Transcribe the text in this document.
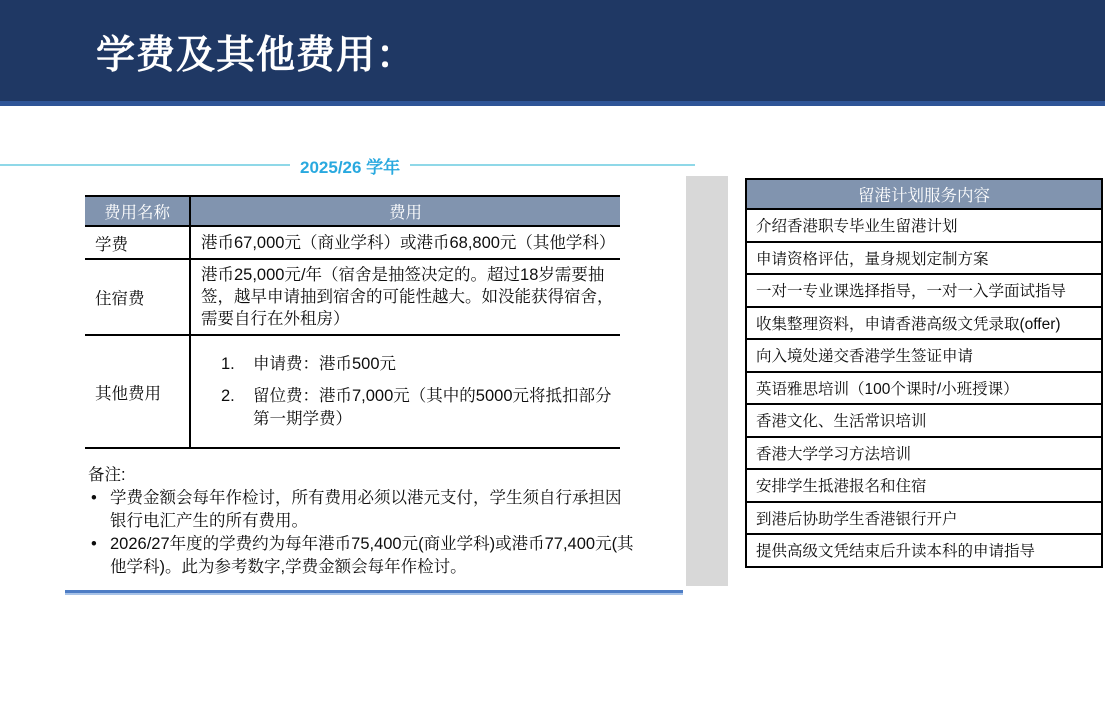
学费及其他费用：
2025/26 学年
费用名称	费用
学费	港币67,000元（商业学科）或港币68,800元（其他学科）
住宿费	港币25,000元/年（宿舍是抽签决定的。超过18岁需要抽签，越早申请抽到宿舍的可能性越大。如没能获得宿舍，需要自行在外租房）
其他费用	1. 申请费：港币500元
2. 留位费：港币7,000元（其中的5000元将抵扣部分第一期学费）
备注:
• 学费金额会每年作检讨，所有费用必须以港元支付，学生须自行承担因银行电汇产生的所有费用。
• 2026/27年度的学费约为每年港币75,400元(商业学科)或港币77,400元(其他学科)。此为参考数字,学费金额会每年作检讨。
留港计划服务内容
介绍香港职专毕业生留港计划
申请资格评估，量身规划定制方案
一对一专业课选择指导，一对一入学面试指导
收集整理资料，申请香港高级文凭录取(offer)
向入境处递交香港学生签证申请
英语雅思培训（100个课时/小班授课）
香港文化、生活常识培训
香港大学学习方法培训
安排学生抵港报名和住宿
到港后协助学生香港银行开户
提供高级文凭结束后升读本科的申请指导
